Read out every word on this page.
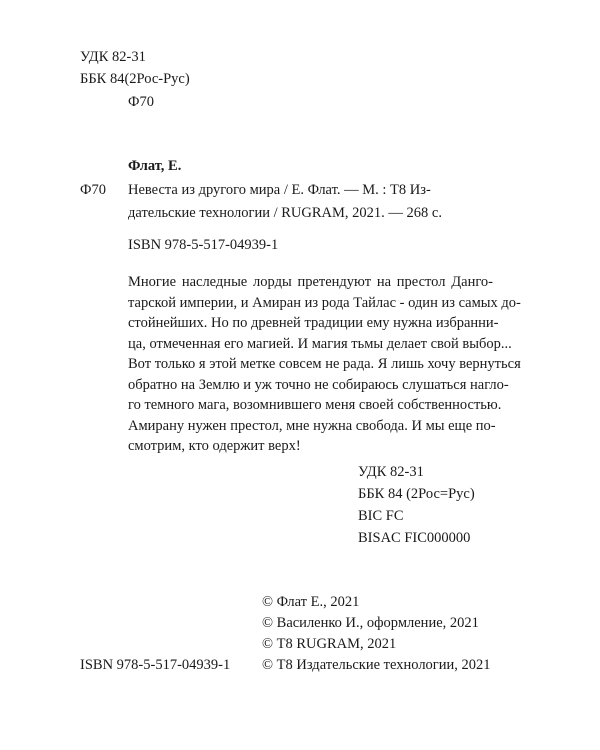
УДК 82-31
ББК 84(2Рос-Рус)
Ф70
Флат, Е.
Ф70 Невеста из другого мира / Е. Флат. — М. : Т8 Из-
дательские технологии / RUGRAM, 2021. — 268 с.
ISBN 978-5-517-04939-1
Многие наследные лорды претендуют на престол Данго-
тарской империи, и Амиран из рода Тайлас - один из самых до-
стойнейших. Но по древней традиции ему нужна избранни-
ца, отмеченная его магией. И магия тьмы делает свой выбор...
Вот только я этой метке совсем не рада. Я лишь хочу вернуться
обратно на Землю и уж точно не собираюсь слушаться нагло-
го темного мага, возомнившего меня своей собственностью.
Амирану нужен престол, мне нужна свобода. И мы еще по-
смотрим, кто одержит верх!
УДК 82-31
ББК 84 (2Рос=Рус)
BIC FC
BISAC FIC000000
© Флат Е., 2021
© Василенко И., оформление, 2021
© Т8 RUGRAM, 2021
© Т8 Издательские технологии, 2021
ISBN 978-5-517-04939-1
